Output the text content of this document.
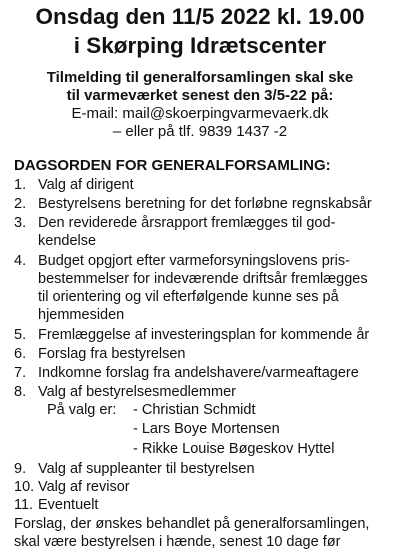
Onsdag den 11/5 2022 kl. 19.00
i Skørping Idrætscenter
Tilmelding til generalforsamlingen skal ske
til varmeværket senest den 3/5-22 på:
E-mail: mail@skoerpingvarmevaerk.dk
– eller på tlf. 9839 1437 -2
DAGSORDEN FOR GENERALFORSAMLING:
1. Valg af dirigent
2. Bestyrelsens beretning for det forløbne regnskabsår
3. Den reviderede årsrapport fremlægges til god-
kendelse
4. Budget opgjort efter varmeforsyningslovens pris-
bestemmelser for indeværende driftsår fremlægges
til orientering og vil efterfølgende kunne ses på
hjemmesiden
5. Fremlæggelse af investeringsplan for kommende år
6. Forslag fra bestyrelsen
7. Indkomne forslag fra andelshavere/varmeaftagere
8. Valg af bestyrelsesmedlemmer
På valg er: - Christian Schmidt
- Lars Boye Mortensen
- Rikke Louise Bøgeskov Hyttel
9. Valg af suppleanter til bestyrelsen
10. Valg af revisor
11. Eventuelt
Forslag, der ønskes behandlet på generalforsamlingen,
skal være bestyrelsen i hænde, senest 10 dage før
